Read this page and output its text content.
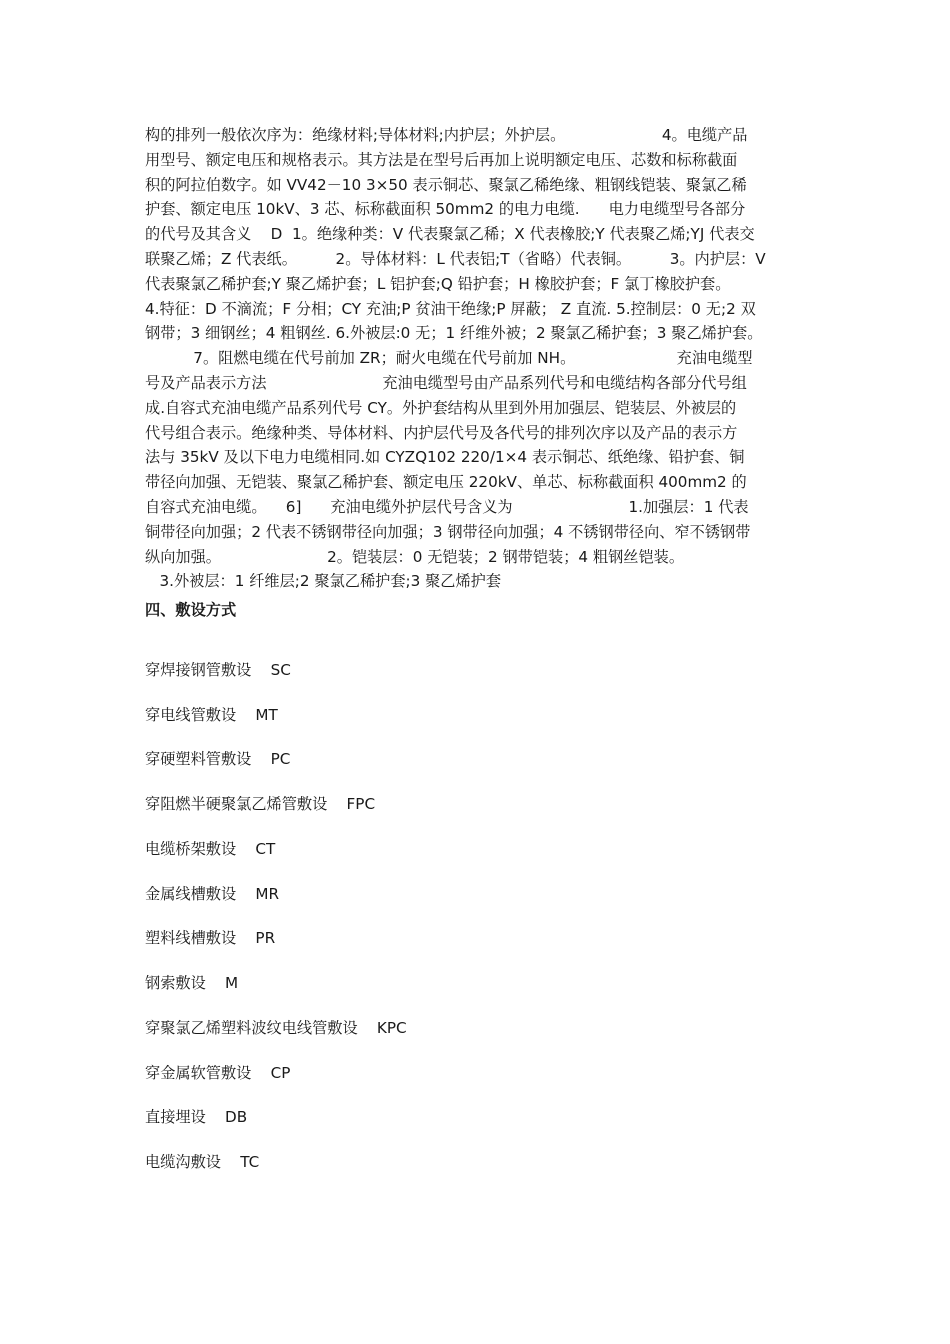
构的排列一般依次序为：绝缘材料;导体材料;内护层；外护层。                    4。电缆产品
用型号、额定电压和规格表示。其方法是在型号后再加上说明额定电压、芯数和标称截面
积的阿拉伯数字。如 VV42－10 3×50 表示铜芯、聚氯乙稀绝缘、粗钢线铠装、聚氯乙稀
护套、额定电压 10kV、3 芯、标称截面积 50mm2 的电力电缆.      电力电缆型号各部分
的代号及其含义    D  1。绝缘种类：V 代表聚氯乙稀；X 代表橡胶;Y 代表聚乙烯;YJ 代表交
联聚乙烯；Z 代表纸。        2。导体材料：L 代表铝;T（省略）代表铜。        3。内护层：V
代表聚氯乙稀护套;Y 聚乙烯护套；L 铝护套;Q 铅护套；H 橡胶护套；F 氯丁橡胶护套。
4.特征：D 不滴流；F 分相；CY 充油;P 贫油干绝缘;P 屏蔽； Z 直流. 5.控制层：0 无;2 双
钢带；3 细钢丝；4 粗钢丝. 6.外被层:0 无；1 纤维外被；2 聚氯乙稀护套；3 聚乙烯护套。
7。阻燃电缆在代号前加 ZR；耐火电缆在代号前加 NH。                     充油电缆型
号及产品表示方法                        充油电缆型号由产品系列代号和电缆结构各部分代号组
成.自容式充油电缆产品系列代号 CY。外护套结构从里到外用加强层、铠装层、外被层的
代号组合表示。绝缘种类、导体材料、内护层代号及各代号的排列次序以及产品的表示方
法与 35kV 及以下电力电缆相同.如 CYZQ102 220/1×4 表示铜芯、纸绝缘、铅护套、铜
带径向加强、无铠装、聚氯乙稀护套、额定电压 220kV、单芯、标称截面积 400mm2 的
自容式充油电缆。    6]      充油电缆外护层代号含义为                        1.加强层：1 代表
铜带径向加强；2 代表不锈钢带径向加强；3 钢带径向加强；4 不锈钢带径向、窄不锈钢带
纵向加强。                      2。铠装层：0 无铠装；2 钢带铠装；4 粗钢丝铠装。
3.外被层：1 纤维层;2 聚氯乙稀护套;3 聚乙烯护套
四、敷设方式
穿焊接钢管敷设    SC
穿电线管敷设    MT
穿硬塑料管敷设    PC
穿阻燃半硬聚氯乙烯管敷设    FPC
电缆桥架敷设    CT
金属线槽敷设    MR
塑料线槽敷设    PR
钢索敷设    M
穿聚氯乙烯塑料波纹电线管敷设    KPC
穿金属软管敷设    CP
直接埋设    DB
电缆沟敷设    TC
